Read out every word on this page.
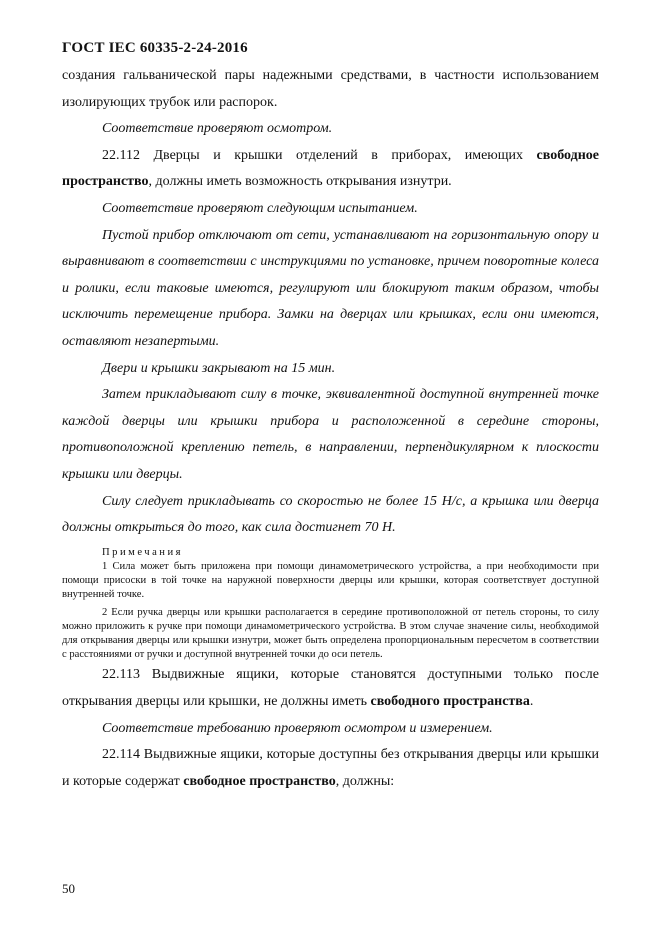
ГОСТ IEC 60335-2-24-2016

создания гальванической пары надежными средствами, в частности использованием изолирующих трубок или распорок.

Соответствие проверяют осмотром.

22.112 Дверцы и крышки отделений в приборах, имеющих свободное пространство, должны иметь возможность открывания изнутри.

Соответствие проверяют следующим испытанием.

Пустой прибор отключают от сети, устанавливают на горизонтальную опору и выравнивают в соответствии с инструкциями по установке, причем поворотные колеса и ролики, если таковые имеются, регулируют или блокируют таким образом, чтобы исключить перемещение прибора. Замки на дверцах или крышках, если они имеются, оставляют незапертыми.

Двери и крышки закрывают на 15 мин.

Затем прикладывают силу в точке, эквивалентной доступной внутренней точке каждой дверцы или крышки прибора и расположенной в середине стороны, противоположной креплению петель, в направлении, перпендикулярном к плоскости крышки или дверцы.

Силу следует прикладывать со скоростью не более 15 Н/с, а крышка или дверца должны открыться до того, как сила достигнет 70 Н.

Примечания

1 Сила может быть приложена при помощи динамометрического устройства, а при необходимости при помощи присоски в той точке на наружной поверхности дверцы или крышки, которая соответствует доступной внутренней точке.

2 Если ручка дверцы или крышки располагается в середине противоположной от петель стороны, то силу можно приложить к ручке при помощи динамометрического устройства. В этом случае значение силы, необходимой для открывания дверцы или крышки изнутри, может быть определена пропорциональным пересчетом в соответствии с расстояниями от ручки и доступной внутренней точки до оси петель.

22.113 Выдвижные ящики, которые становятся доступными только после открывания дверцы или крышки, не должны иметь свободного пространства.

Соответствие требованию проверяют осмотром и измерением.

22.114 Выдвижные ящики, которые доступны без открывания дверцы или крышки и которые содержат свободное пространство, должны:

50
